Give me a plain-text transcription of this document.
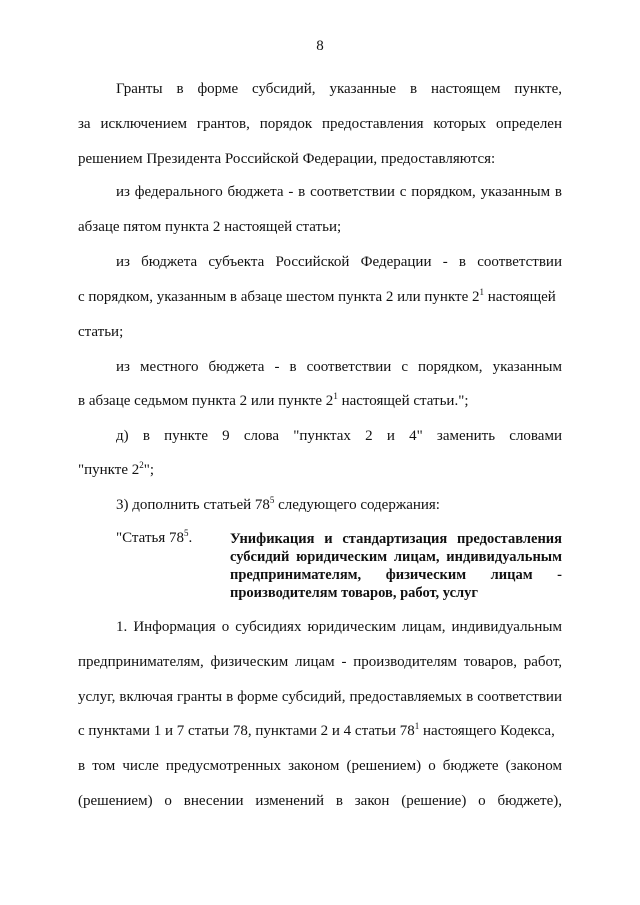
8
Гранты в форме субсидий, указанные в настоящем пункте,
за исключением грантов, порядок предоставления которых определен
решением Президента Российской Федерации, предоставляются:
из федерального бюджета - в соответствии с порядком, указанным в
абзаце пятом пункта 2 настоящей статьи;
из бюджета субъекта Российской Федерации - в соответствии
с порядком, указанным в абзаце шестом пункта 2 или пункте $2^1$ настоящей
статьи;
из местного бюджета - в соответствии с порядком, указанным
в абзаце седьмом пункта 2 или пункте $2^1$ настоящей статьи.";
д) в пункте 9 слова "пунктах 2 и 4" заменить словами
"пункте $2^2$";
3) дополнить статьей $78^5$ следующего содержания:
"Статья $78^5$.	Унификация и стандартизация предоставления
субсидий юридическим лицам, индивидуальным
предпринимателям, физическим лицам -
производителям товаров, работ, услуг
1. Информация о субсидиях юридическим лицам, индивидуальным
предпринимателям, физическим лицам - производителям товаров, работ,
услуг, включая гранты в форме субсидий, предоставляемых в соответствии
с пунктами 1 и 7 статьи 78, пунктами 2 и 4 статьи $78^1$ настоящего Кодекса,
в том числе предусмотренных законом (решением) о бюджете (законом
(решением) о внесении изменений в закон (решение) о бюджете),
